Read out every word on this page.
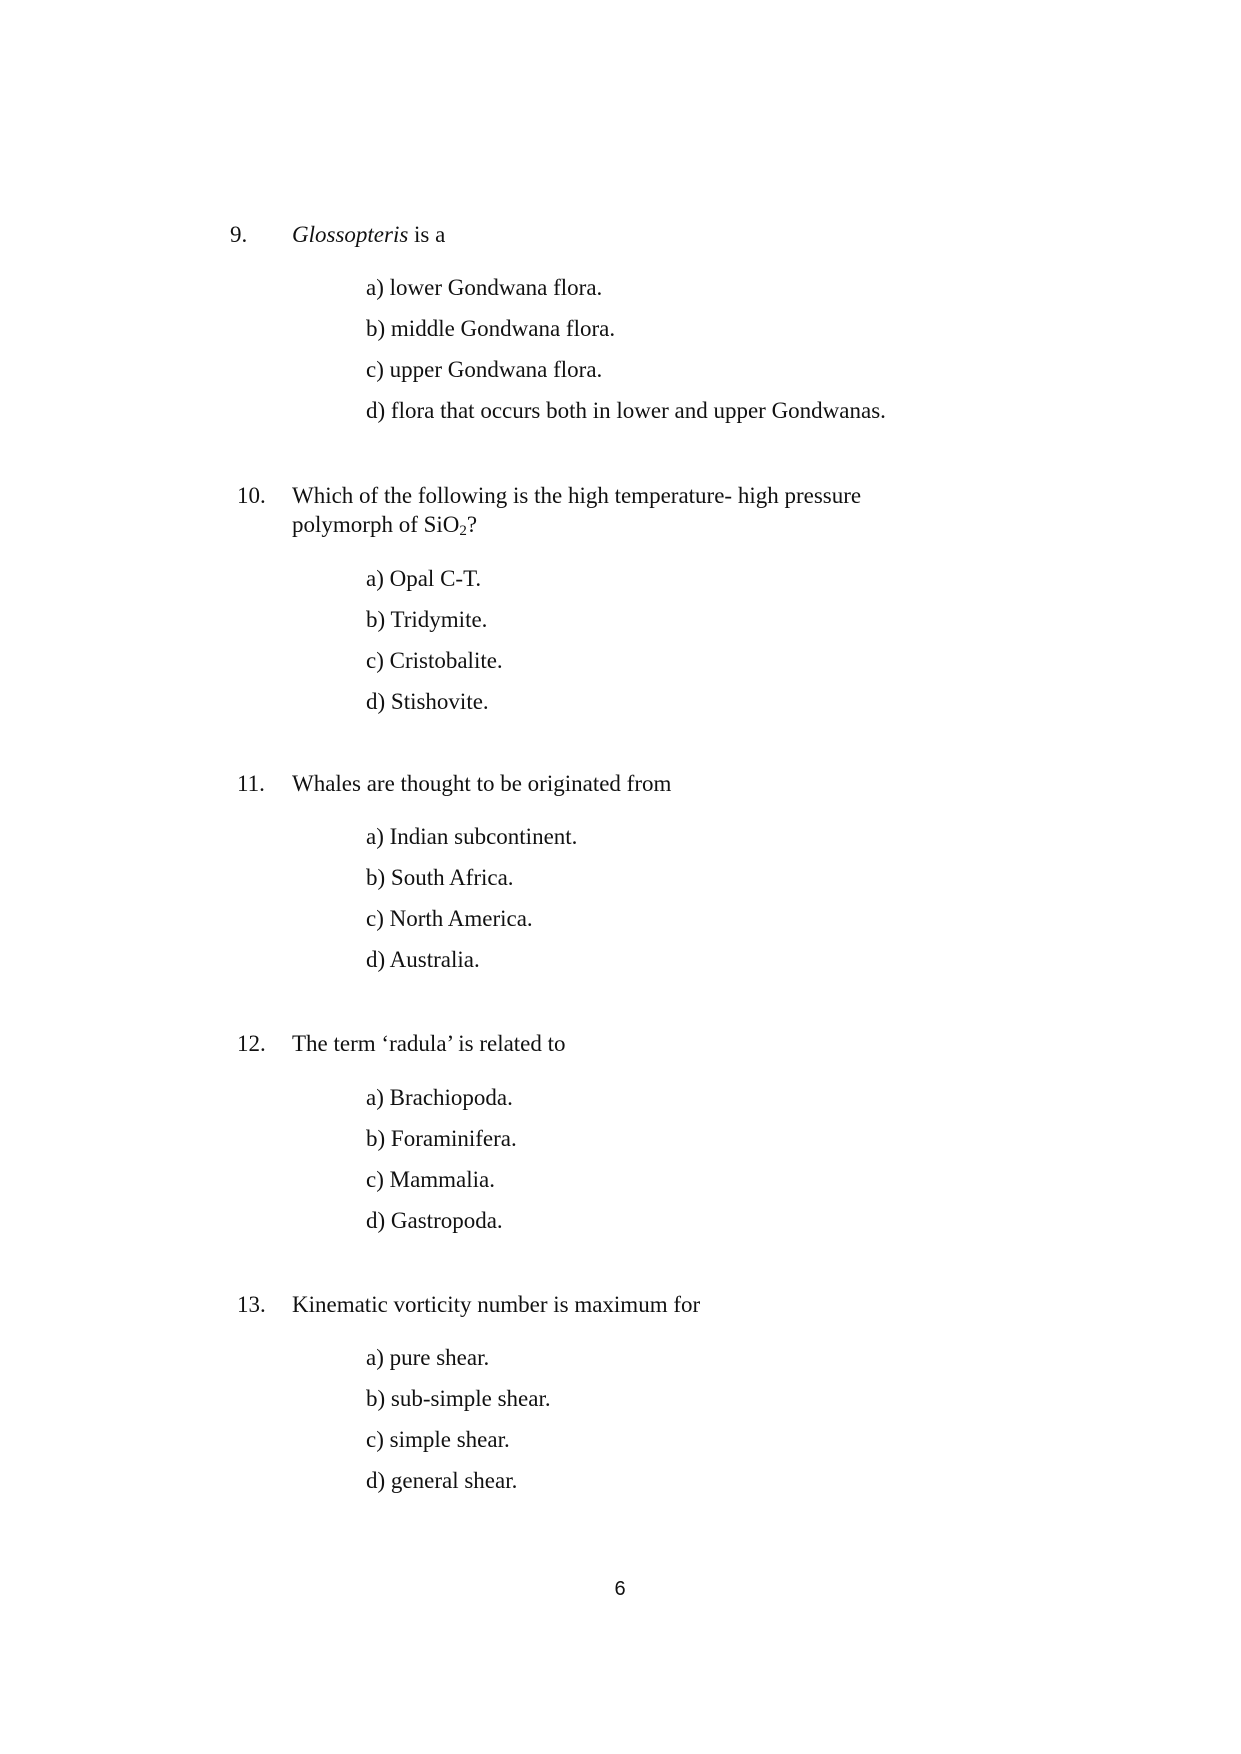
9.	Glossopteris is a
a) lower Gondwana flora.
b) middle Gondwana flora.
c) upper Gondwana flora.
d) flora that occurs both in lower and upper Gondwanas.
10.	Which of the following is the high temperature- high pressure
polymorph of SiO$_2$?
a) Opal C-T.
b) Tridymite.
c) Cristobalite.
d) Stishovite.
11.	Whales are thought to be originated from
a) Indian subcontinent.
b) South Africa.
c) North America.
d) Australia.
12.	The term ‘radula’ is related to
a) Brachiopoda.
b) Foraminifera.
c) Mammalia.
d) Gastropoda.
13.	Kinematic vorticity number is maximum for
a) pure shear.
b) sub-simple shear.
c) simple shear.
d) general shear.
6
